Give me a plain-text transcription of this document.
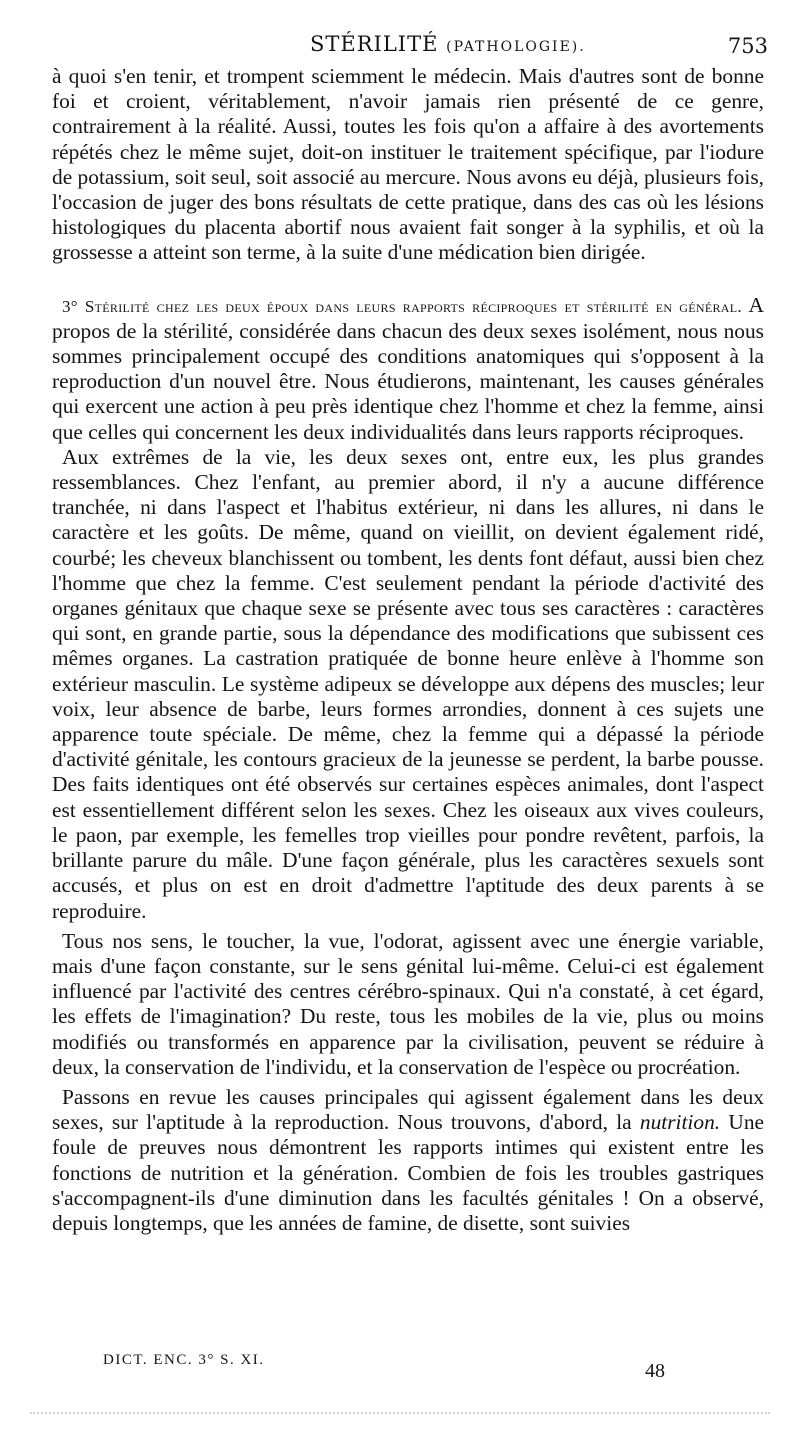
STÉRILITÉ (PATHOLOGIE).	753

à quoi s'en tenir, et trompent sciemment le médecin. Mais d'autres sont de bonne foi et croient, véritablement, n'avoir jamais rien présenté de ce genre, contrairement à la réalité. Aussi, toutes les fois qu'on a affaire à des avortements répétés chez le même sujet, doit-on instituer le traitement spécifique, par l'iodure de potassium, soit seul, soit associé au mercure. Nous avons eu déjà, plusieurs fois, l'occasion de juger des bons résultats de cette pratique, dans des cas où les lésions histologiques du placenta abortif nous avaient fait songer à la syphilis, et où la grossesse a atteint son terme, à la suite d'une médication bien dirigée.

3° Stérilité chez les deux époux dans leurs rapports réciproques et stérilité en général. A propos de la stérilité, considérée dans chacun des deux sexes isolément, nous nous sommes principalement occupé des conditions anatomiques qui s'opposent à la reproduction d'un nouvel être. Nous étudierons, maintenant, les causes générales qui exercent une action à peu près identique chez l'homme et chez la femme, ainsi que celles qui concernent les deux individualités dans leurs rapports réciproques.

Aux extrêmes de la vie, les deux sexes ont, entre eux, les plus grandes ressemblances. Chez l'enfant, au premier abord, il n'y a aucune différence tranchée, ni dans l'aspect et l'habitus extérieur, ni dans les allures, ni dans le caractère et les goûts. De même, quand on vieillit, on devient également ridé, courbé; les cheveux blanchissent ou tombent, les dents font défaut, aussi bien chez l'homme que chez la femme. C'est seulement pendant la période d'activité des organes génitaux que chaque sexe se présente avec tous ses caractères : caractères qui sont, en grande partie, sous la dépendance des modifications que subissent ces mêmes organes. La castration pratiquée de bonne heure enlève à l'homme son extérieur masculin. Le système adipeux se développe aux dépens des muscles; leur voix, leur absence de barbe, leurs formes arrondies, donnent à ces sujets une apparence toute spéciale. De même, chez la femme qui a dépassé la période d'activité génitale, les contours gracieux de la jeunesse se perdent, la barbe pousse. Des faits identiques ont été observés sur certaines espèces animales, dont l'aspect est essentiellement différent selon les sexes. Chez les oiseaux aux vives couleurs, le paon, par exemple, les femelles trop vieilles pour pondre revêtent, parfois, la brillante parure du mâle. D'une façon générale, plus les caractères sexuels sont accusés, et plus on est en droit d'admettre l'aptitude des deux parents à se reproduire.

Tous nos sens, le toucher, la vue, l'odorat, agissent avec une énergie variable, mais d'une façon constante, sur le sens génital lui-même. Celui-ci est également influencé par l'activité des centres cérébro-spinaux. Qui n'a constaté, à cet égard, les effets de l'imagination? Du reste, tous les mobiles de la vie, plus ou moins modifiés ou transformés en apparence par la civilisation, peuvent se réduire à deux, la conservation de l'individu, et la conservation de l'espèce ou procréation.

Passons en revue les causes principales qui agissent également dans les deux sexes, sur l'aptitude à la reproduction. Nous trouvons, d'abord, la nutrition. Une foule de preuves nous démontrent les rapports intimes qui existent entre les fonctions de nutrition et la génération. Combien de fois les troubles gastriques s'accompagnent-ils d'une diminution dans les facultés génitales ! On a observé, depuis longtemps, que les années de famine, de disette, sont suivies

DICT. ENC. 3° S. XI.	48
